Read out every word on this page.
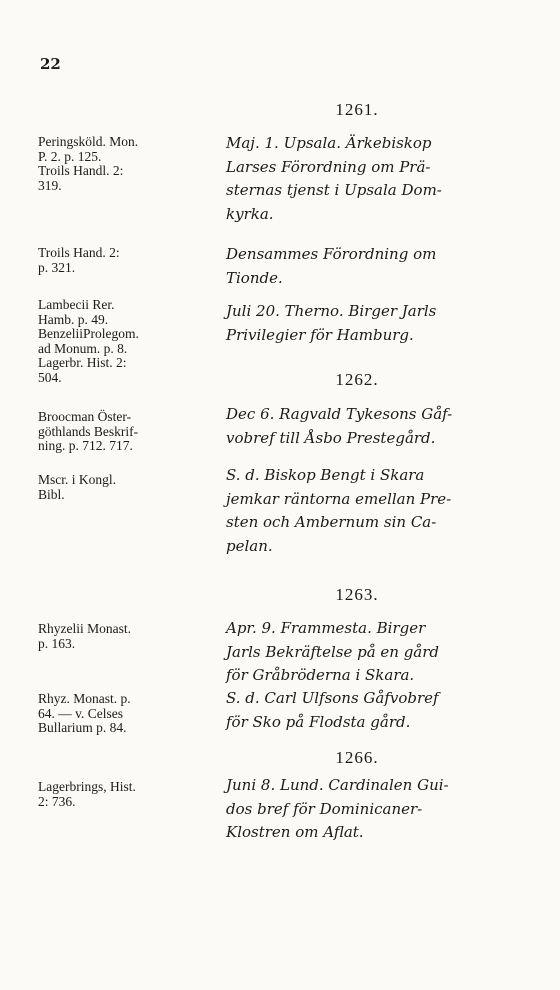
22
1261.
Peringsköld. Mon.
P. 2. p. 125.
Troils Handl. 2:
319.
Maj. 1. Upsala. Ärkebiskop
Larses Förordning om Prä-
sternas tjenst i Upsala Dom-
kyrka.
Troils Hand. 2:
p. 321.
Densammes Förordning om
Tionde.
Lambecii Rer.
Hamb. p. 49.
BenzeliiProlegom.
ad Monum. p. 8.
Lagerbr. Hist. 2:
504.
Juli 20. Therno. Birger Jarls
Privilegier för Hamburg.
1262.
Broocman Öster-
göthlands Beskrif-
ning. p. 712. 717.
Dec 6. Ragvald Tykesons Gåf-
vobref till Åsbo Prestegård.
Mscr. i Kongl.
Bibl.
S. d. Biskop Bengt i Skara
jemkar räntorna emellan Pre-
sten och Ambernum sin Ca-
pelan.
1263.
Rhyzelii Monast.
p. 163.
Apr. 9. Frammesta. Birger
Jarls Bekräftelse på en gård
för Gråbröderna i Skara.
Rhyz. Monast. p.
64. — v. Celses
Bullarium p. 84.
S. d. Carl Ulfsons Gåfvobref
för Sko på Flodsta gård.
1266.
Lagerbrings, Hist.
2: 736.
Juni 8. Lund. Cardinalen Gui-
dos bref för Dominicaner-
Klostren om Aflat.
